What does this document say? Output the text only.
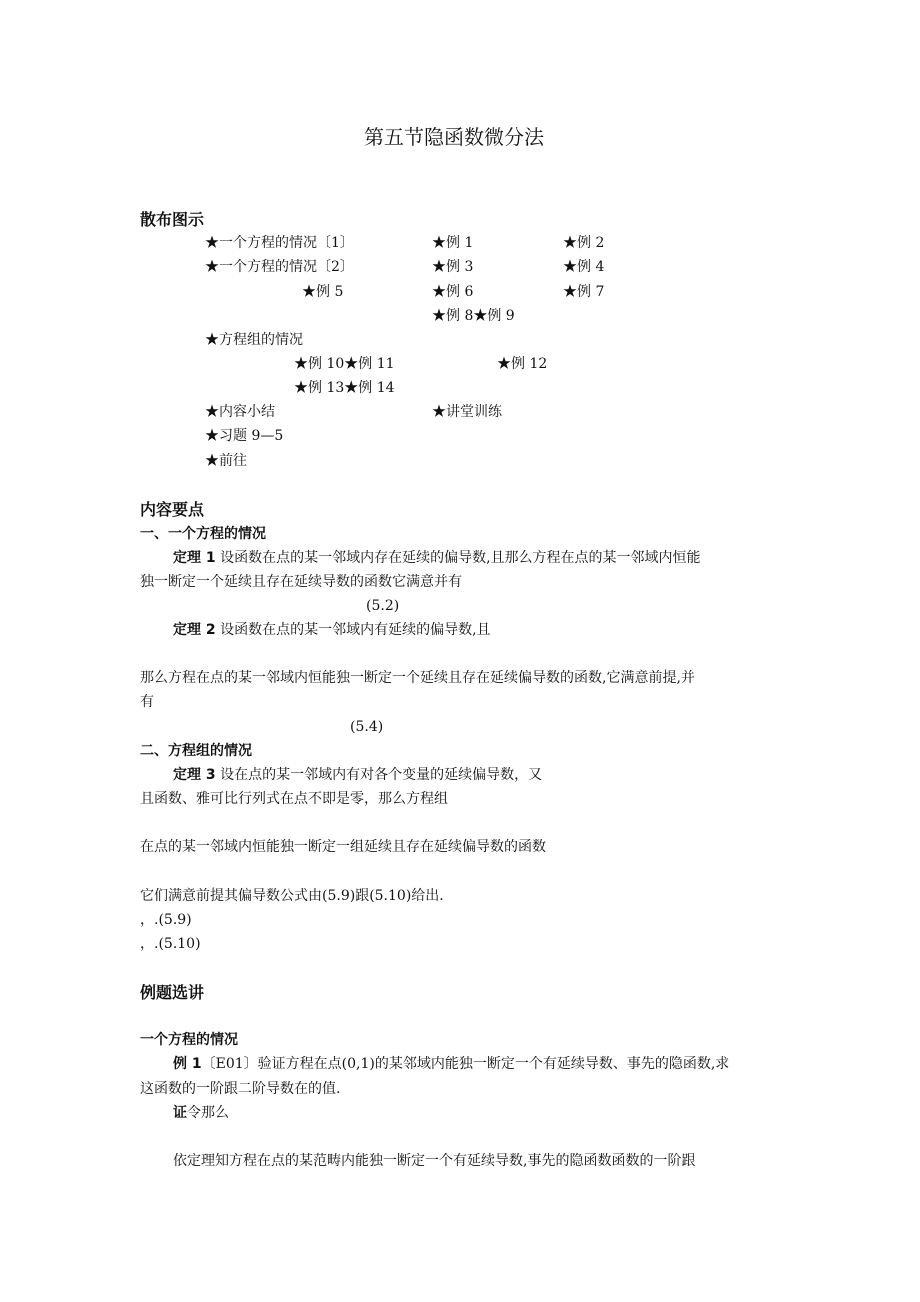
第五节隐函数微分法
散布图示
★一个方程的情况〔1〕	★例 1	★例 2
★一个方程的情况〔2〕	★例 3	★例 4
★例 5	★例 6	★例 7
★例 8★例 9
★方程组的情况
★例 10★例 11	★例 12
★例 13★例 14
★内容小结	★讲堂训练
★习题 9—5
★前往
内容要点
一、一个方程的情况
定理 1 设函数在点的某一邻域内存在延续的偏导数,且那么方程在点的某一邻域内恒能
独一断定一个延续且存在延续导数的函数它满意并有
(5.2)
定理 2 设函数在点的某一邻域内有延续的偏导数,且
那么方程在点的某一邻域内恒能独一断定一个延续且存在延续偏导数的函数,它满意前提,并
有
(5.4)
二、方程组的情况
定理 3 设在点的某一邻域内有对各个变量的延续偏导数，又
且函数、雅可比行列式在点不即是零，那么方程组
在点的某一邻域内恒能独一断定一组延续且存在延续偏导数的函数
它们满意前提其偏导数公式由(5.9)跟(5.10)给出.
，.(5.9)
，.(5.10)
例题选讲
一个方程的情况
例 1〔E01〕验证方程在点(0,1)的某邻域内能独一断定一个有延续导数、事先的隐函数,求
这函数的一阶跟二阶导数在的值.
证令那么
依定理知方程在点的某范畴内能独一断定一个有延续导数,事先的隐函数函数的一阶跟
